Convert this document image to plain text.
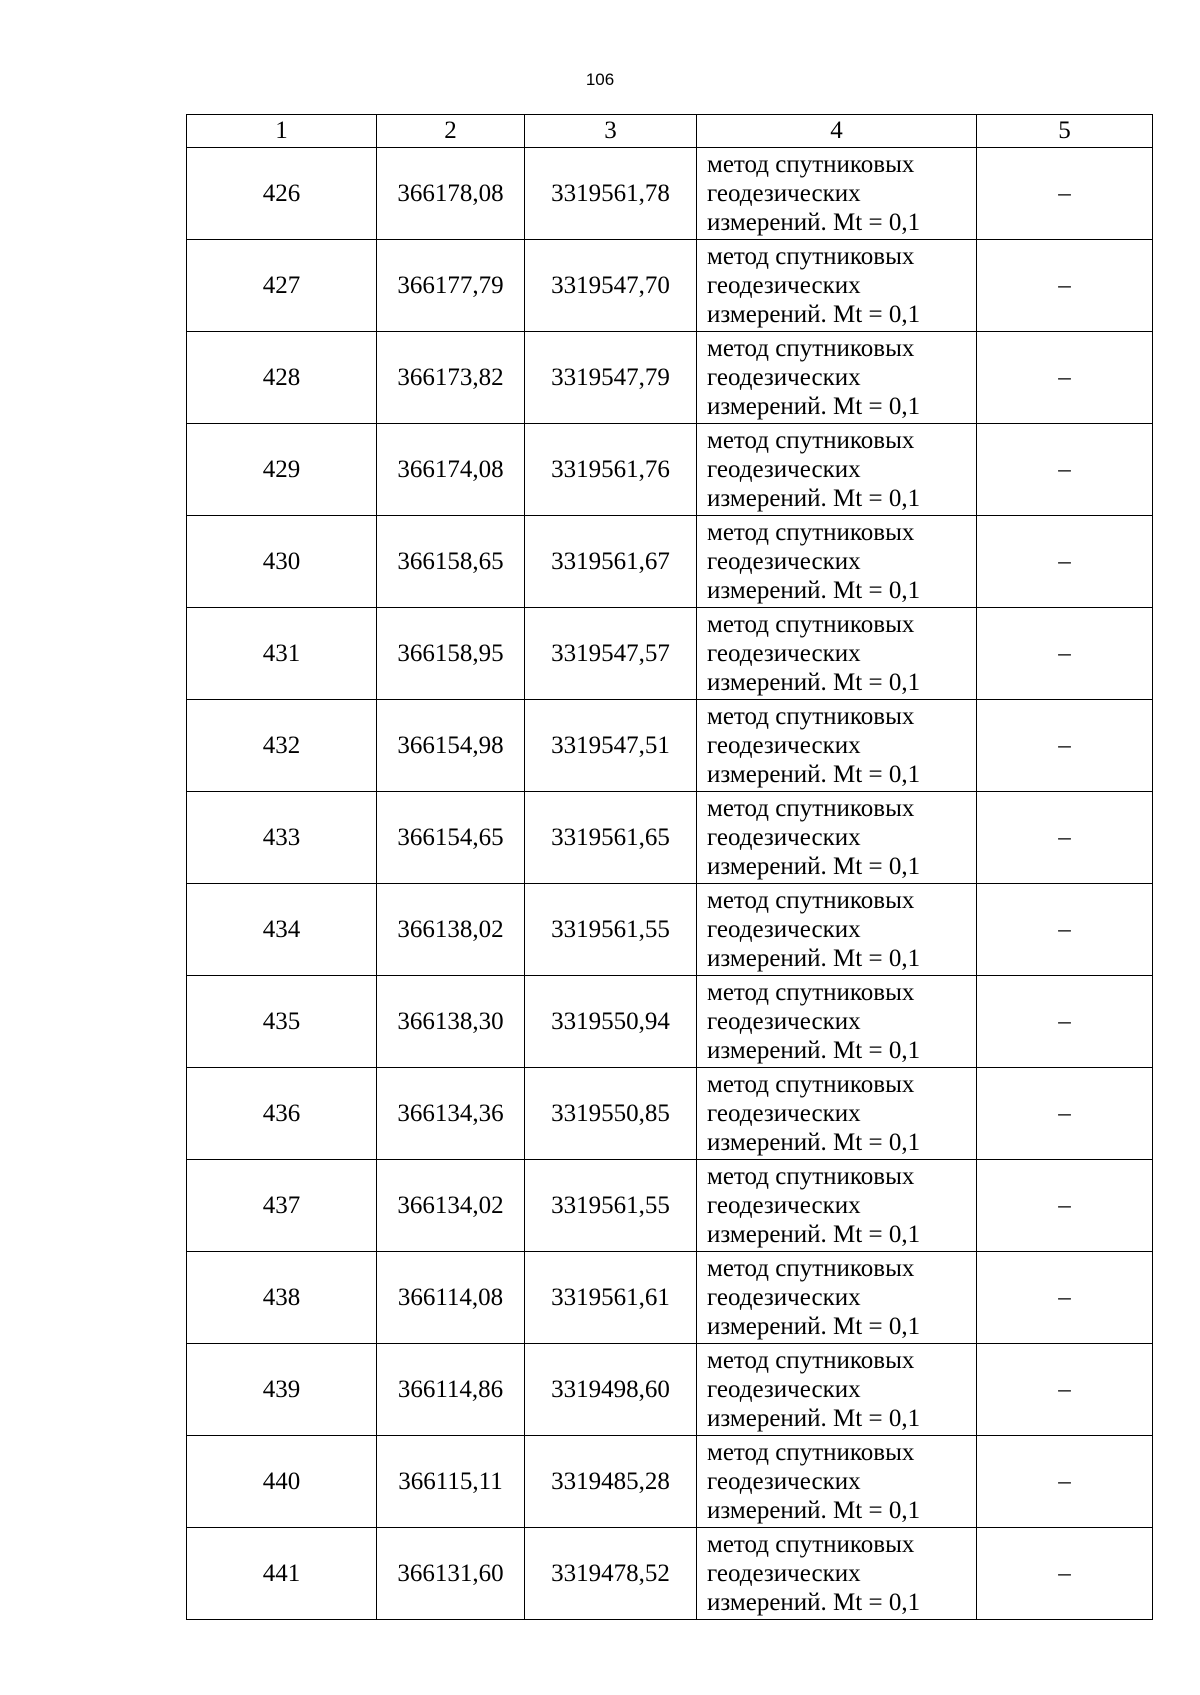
106
1	2	3	4	5
426	366178,08	3319561,78	метод спутниковых
геодезических
измерений. Mt = 0,1	–
427	366177,79	3319547,70	метод спутниковых
геодезических
измерений. Mt = 0,1	–
428	366173,82	3319547,79	метод спутниковых
геодезических
измерений. Mt = 0,1	–
429	366174,08	3319561,76	метод спутниковых
геодезических
измерений. Mt = 0,1	–
430	366158,65	3319561,67	метод спутниковых
геодезических
измерений. Mt = 0,1	–
431	366158,95	3319547,57	метод спутниковых
геодезических
измерений. Mt = 0,1	–
432	366154,98	3319547,51	метод спутниковых
геодезических
измерений. Mt = 0,1	–
433	366154,65	3319561,65	метод спутниковых
геодезических
измерений. Mt = 0,1	–
434	366138,02	3319561,55	метод спутниковых
геодезических
измерений. Mt = 0,1	–
435	366138,30	3319550,94	метод спутниковых
геодезических
измерений. Mt = 0,1	–
436	366134,36	3319550,85	метод спутниковых
геодезических
измерений. Mt = 0,1	–
437	366134,02	3319561,55	метод спутниковых
геодезических
измерений. Mt = 0,1	–
438	366114,08	3319561,61	метод спутниковых
геодезических
измерений. Mt = 0,1	–
439	366114,86	3319498,60	метод спутниковых
геодезических
измерений. Mt = 0,1	–
440	366115,11	3319485,28	метод спутниковых
геодезических
измерений. Mt = 0,1	–
441	366131,60	3319478,52	метод спутниковых
геодезических
измерений. Mt = 0,1	–
